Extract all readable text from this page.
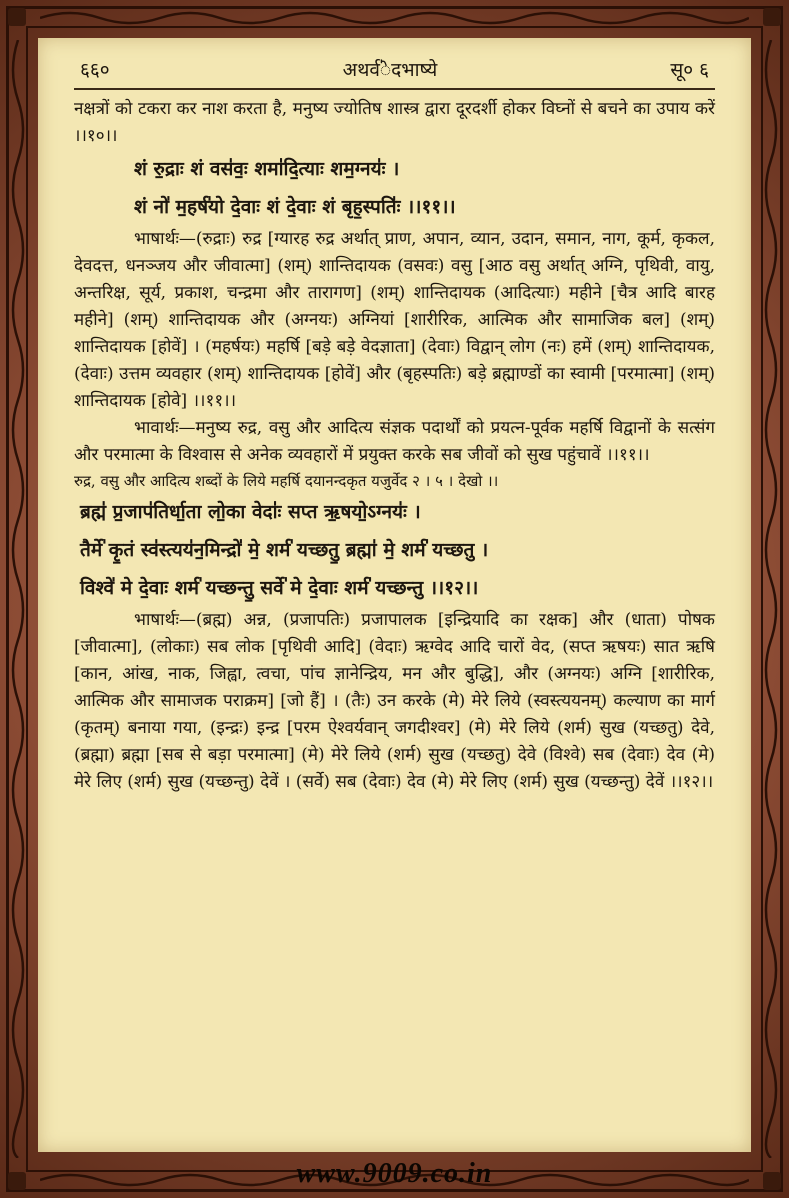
६६०	अथर्व॑ेदभाष्ये	सू० ६

नक्षत्रों को टकरा कर नाश करता है, मनुष्य ज्योतिष शास्त्र द्वारा दूरदर्शी होकर विघ्नों से बचने का उपाय करें ।।१०।।

शं रु॒द्राः शं वस॑वः॒ शमा॑दि॒त्याः शम॒ग्नयः॑ ।

शं नो॑ म॒हर्ष॑यो दे॒वाः शं दे॒वाः शं बृह॒स्पतिः॑ ।।११।।

भाषार्थः—(रुद्राः) रुद्र [ग्यारह रुद्र अर्थात् प्राण, अपान, व्यान, उदान, समान, नाग, कूर्म, कृकल, देवदत्त, धनञ्जय और जीवात्मा] (शम्) शान्तिदायक (वसवः) वसु [आठ वसु अर्थात् अग्नि, पृथिवी, वायु, अन्तरिक्ष, सूर्य, प्रकाश, चन्द्रमा और तारागण] (शम्) शान्तिदायक (आदित्याः) महीने [चैत्र आदि बारह महीने] (शम्) शान्तिदायक और (अग्नयः) अग्नियां [शारीरिक, आत्मिक और सामाजिक बल] (शम्) शान्तिदायक [होवें] । (महर्षयः) महर्षि [बड़े बड़े वेदज्ञाता] (देवाः) विद्वान् लोग (नः) हमें (शम्) शान्तिदायक, (देवाः) उत्तम व्यवहार (शम्) शान्तिदायक [होवें] और (बृहस्पतिः) बड़े ब्रह्माण्डों का स्वामी [परमात्मा] (शम्) शान्तिदायक [होवे] ।।११।।

भावार्थः—मनुष्य रुद्र, वसु और आदित्य संज्ञक पदार्थों को प्रयत्न-पूर्वक महर्षि विद्वानों के सत्संग और परमात्मा के विश्वास से अनेक व्यवहारों में प्रयुक्त करके सब जीवों को सुख पहुंचावें ।।११।।

रुद्र, वसु और आदित्य शब्दों के लिये महर्षि दयानन्दकृत यजुर्वेद २ । ५ । देखो ।।

ब्रह्म॑ प्र॒जाप॑तिर्धा॒ता लो॒का वेदाः॑ सप्त ऋ॒षयो॒ऽग्नयः॑ ।

तैर्मे॑ कृ॒तं स्व॑स्त्यय॑न॒मिन्द्रो॑ मे॒ शर्म॑ यच्छतु॒ ब्रह्मा॑ मे॒ शर्म॑ यच्छतु ।

विश्वे॑ मे दे॒वाः शर्म॑ यच्छन्तु॒ सर्वे॑ मे दे॒वाः शर्म॑ यच्छन्तु ।।१२।।

भाषार्थः—(ब्रह्म) अन्न, (प्रजापतिः) प्रजापालक [इन्द्रियादि का रक्षक] और (धाता) पोषक [जीवात्मा], (लोकाः) सब लोक [पृथिवी आदि] (वेदाः) ऋग्वेद आदि चारों वेद, (सप्त ऋषयः) सात ऋषि [कान, आंख, नाक, जिह्वा, त्वचा, पांच ज्ञानेन्द्रिय, मन और बुद्धि], और (अग्नयः) अग्नि [शारीरिक, आत्मिक और सामाजक पराक्रम] [जो हैं] । (तैः) उन करके (मे) मेरे लिये (स्वस्त्ययनम्) कल्याण का मार्ग (कृतम्) बनाया गया, (इन्द्रः) इन्द्र [परम ऐश्वर्यवान् जगदीश्वर] (मे) मेरे लिये (शर्म) सुख (यच्छतु) देवे, (ब्रह्मा) ब्रह्मा [सब से बड़ा परमात्मा] (मे) मेरे लिये (शर्म) सुख (यच्छतु) देवे (विश्वे) सब (देवाः) देव (मे) मेरे लिए (शर्म) सुख (यच्छन्तु) देवें । (सर्वे) सब (देवाः) देव (मे) मेरे लिए (शर्म) सुख (यच्छन्तु) देवें ।।१२।।

www.9009.co.in
